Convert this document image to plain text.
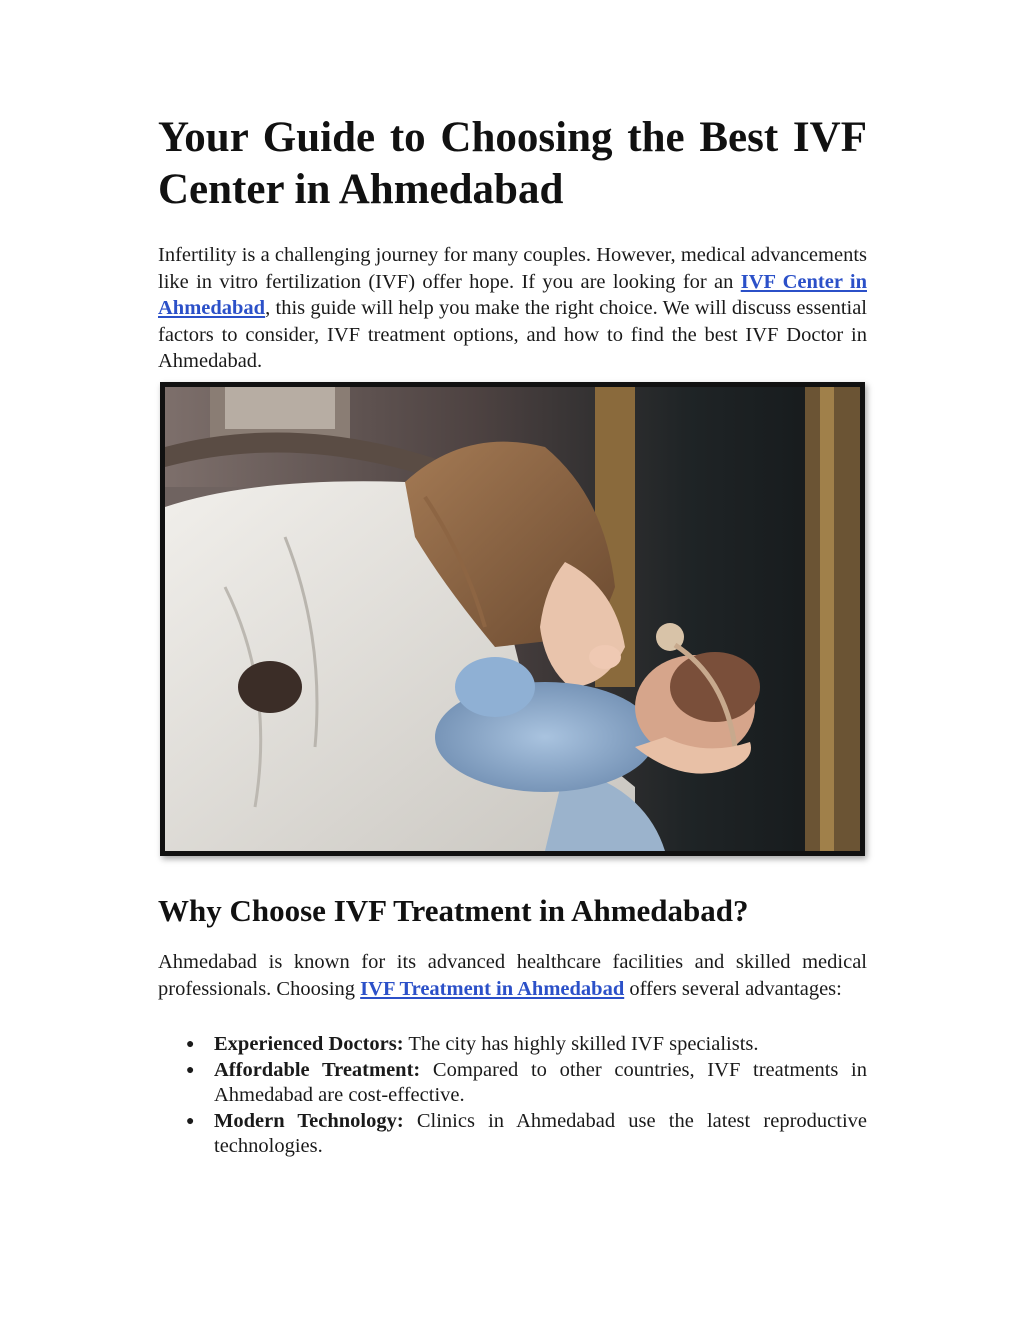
Your Guide to Choosing the Best IVF Center in Ahmedabad

Infertility is a challenging journey for many couples. However, medical advancements like in vitro fertilization (IVF) offer hope. If you are looking for an IVF Center in Ahmedabad, this guide will help you make the right choice. We will discuss essential factors to consider, IVF treatment options, and how to find the best IVF Doctor in Ahmedabad.

Why Choose IVF Treatment in Ahmedabad?

Ahmedabad is known for its advanced healthcare facilities and skilled medical professionals. Choosing IVF Treatment in Ahmedabad offers several advantages:

● Experienced Doctors: The city has highly skilled IVF specialists.
● Affordable Treatment: Compared to other countries, IVF treatments in Ahmedabad are cost-effective.
● Modern Technology: Clinics in Ahmedabad use the latest reproductive technologies.
